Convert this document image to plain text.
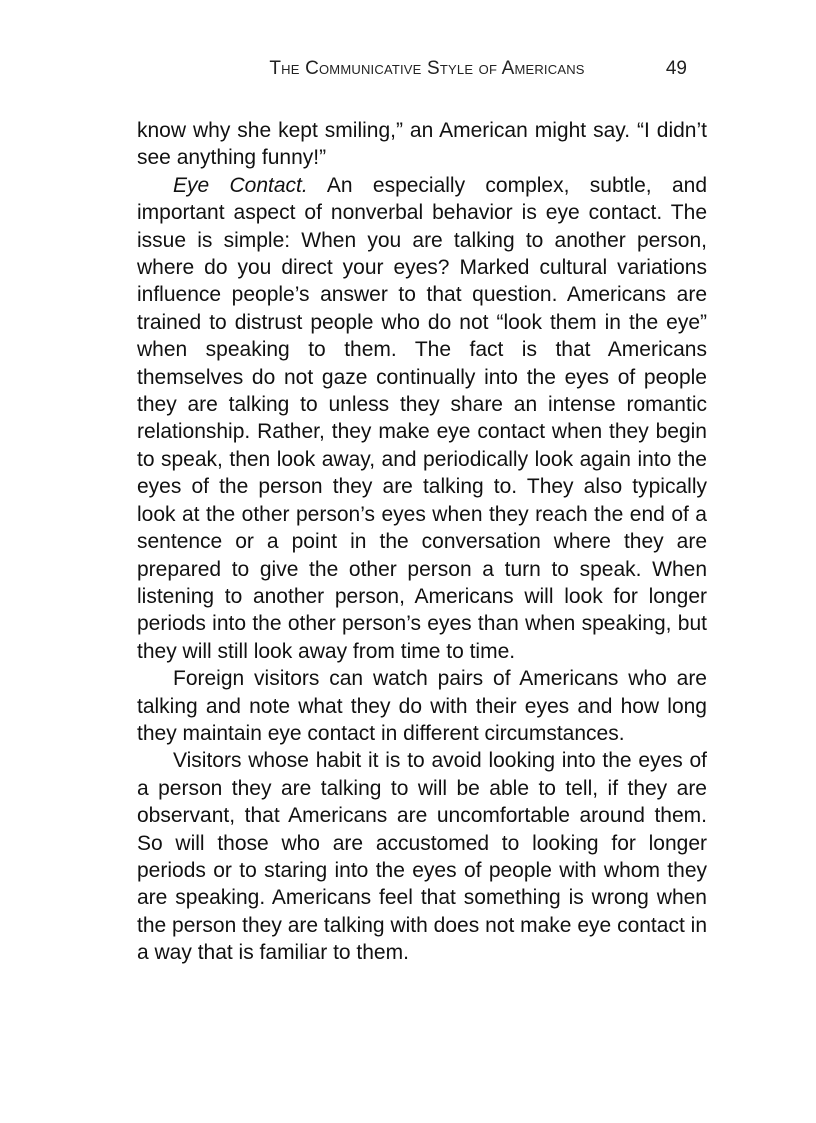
The Communicative Style of Americans	49

know why she kept smiling,” an American might say. “I didn’t see anything funny!”

Eye Contact. An especially complex, subtle, and important aspect of nonverbal behavior is eye contact. The issue is simple: When you are talking to another person, where do you direct your eyes? Marked cultural variations influence people’s answer to that question. Americans are trained to distrust people who do not “look them in the eye” when speaking to them. The fact is that Americans themselves do not gaze continually into the eyes of people they are talking to unless they share an intense romantic relationship. Rather, they make eye contact when they begin to speak, then look away, and periodically look again into the eyes of the person they are talking to. They also typically look at the other person’s eyes when they reach the end of a sentence or a point in the conversation where they are prepared to give the other person a turn to speak. When listening to another person, Americans will look for longer periods into the other person’s eyes than when speaking, but they will still look away from time to time.

Foreign visitors can watch pairs of Americans who are talking and note what they do with their eyes and how long they maintain eye contact in different circumstances.

Visitors whose habit it is to avoid looking into the eyes of a person they are talking to will be able to tell, if they are observant, that Americans are uncomfortable around them. So will those who are accustomed to looking for longer periods or to staring into the eyes of people with whom they are speaking. Americans feel that something is wrong when the person they are talking with does not make eye contact in a way that is familiar to them.
